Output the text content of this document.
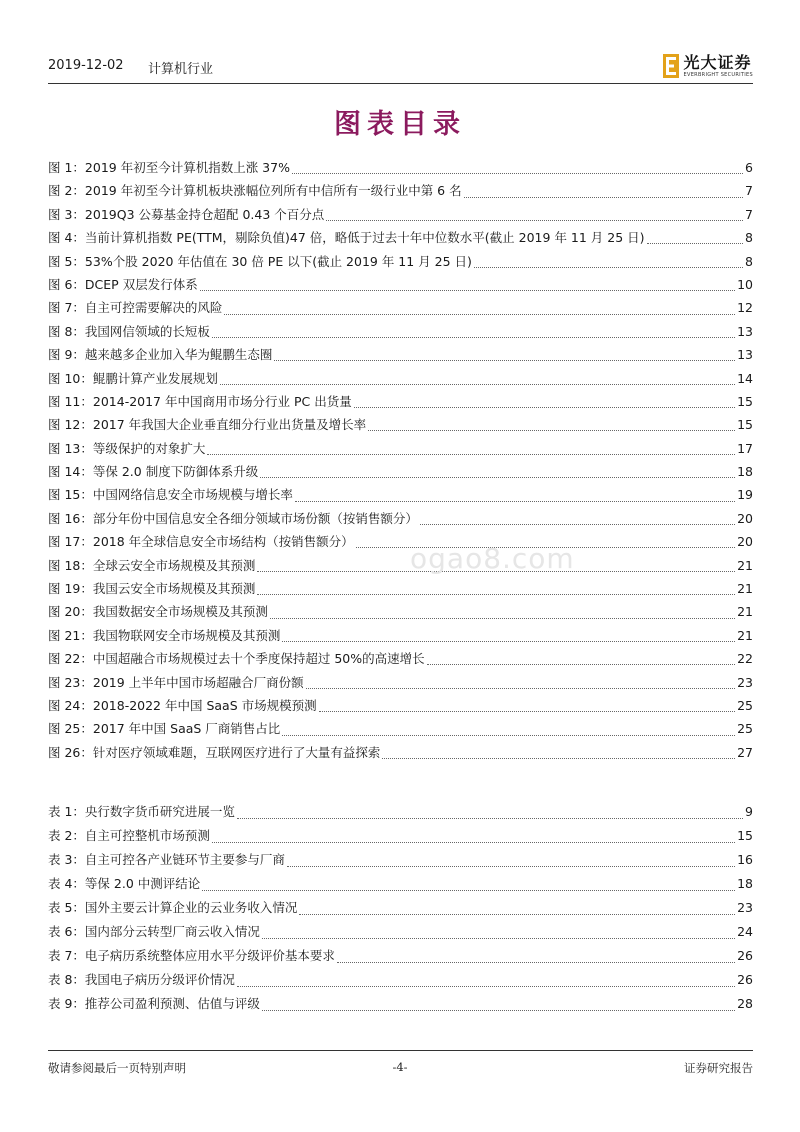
2019-12-02 计算机行业	光大证券
EVERBRIGHT SECURITIES
图表目录
图 1：2019 年初至今计算机指数上涨 37%	6
图 2：2019 年初至今计算机板块涨幅位列所有中信所有一级行业中第 6 名	7
图 3：2019Q3 公募基金持仓超配 0.43 个百分点	7
图 4：当前计算机指数 PE(TTM，剔除负值)47 倍，略低于过去十年中位数水平(截止 2019 年 11 月 25 日)	8
图 5：53%个股 2020 年估值在 30 倍 PE 以下(截止 2019 年 11 月 25 日)	8
图 6：DCEP 双层发行体系	10
图 7：自主可控需要解决的风险	12
图 8：我国网信领域的长短板	13
图 9：越来越多企业加入华为鲲鹏生态圈	13
图 10：鲲鹏计算产业发展规划	14
图 11：2014-2017 年中国商用市场分行业 PC 出货量	15
图 12：2017 年我国大企业垂直细分行业出货量及增长率	15
图 13：等级保护的对象扩大	17
图 14：等保 2.0 制度下防御体系升级	18
图 15：中国网络信息安全市场规模与增长率	19
图 16：部分年份中国信息安全各细分领域市场份额（按销售额分）	20
图 17：2018 年全球信息安全市场结构（按销售额分）	20
图 18：全球云安全市场规模及其预测	21
图 19：我国云安全市场规模及其预测	21
图 20：我国数据安全市场规模及其预测	21
图 21：我国物联网安全市场规模及其预测	21
图 22：中国超融合市场规模过去十个季度保持超过 50%的高速增长	22
图 23：2019 上半年中国市场超融合厂商份额	23
图 24：2018-2022 年中国 SaaS 市场规模预测	25
图 25：2017 年中国 SaaS 厂商销售占比	25
图 26：针对医疗领域难题，互联网医疗进行了大量有益探索	27
表 1：央行数字货币研究进展一览	9
表 2：自主可控整机市场预测	15
表 3：自主可控各产业链环节主要参与厂商	16
表 4：等保 2.0 中测评结论	18
表 5：国外主要云计算企业的云业务收入情况	23
表 6：国内部分云转型厂商云收入情况	24
表 7：电子病历系统整体应用水平分级评价基本要求	26
表 8：我国电子病历分级评价情况	26
表 9：推荐公司盈利预测、估值与评级	28
ogao8.com
敬请参阅最后一页特别声明	-4-	证券研究报告
